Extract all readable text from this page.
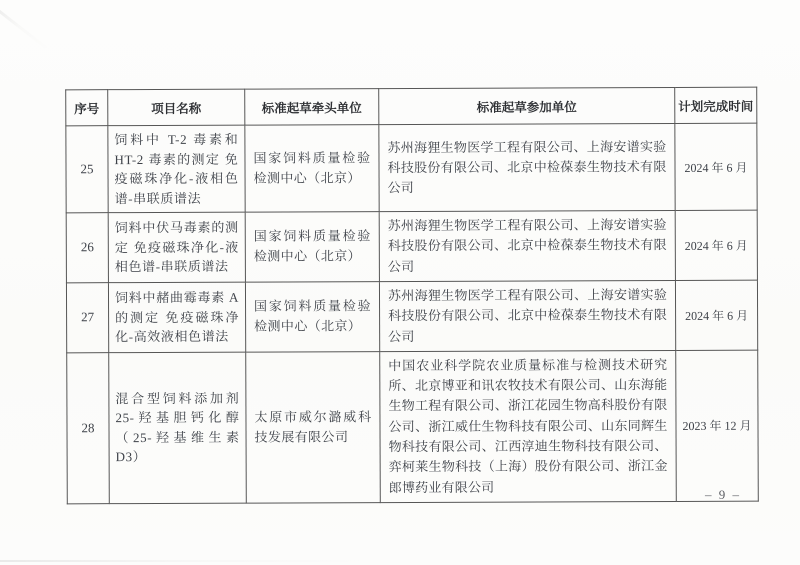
序号	项目名称	标准起草牵头单位	标准起草参加单位	计划完成时间
25	饲料中 T-2 毒素和 HT-2 毒素的测定 免疫磁珠净化-液相色谱-串联质谱法	国家饲料质量检验检测中心（北京）	苏州海狸生物医学工程有限公司、上海安谱实验科技股份有限公司、北京中检葆泰生物技术有限公司	2024 年 6 月
26	饲料中伏马毒素的测定 免疫磁珠净化-液相色谱-串联质谱法	国家饲料质量检验检测中心（北京）	苏州海狸生物医学工程有限公司、上海安谱实验科技股份有限公司、北京中检葆泰生物技术有限公司	2024 年 6 月
27	饲料中赭曲霉毒素 A 的测定 免疫磁珠净化-高效液相色谱法	国家饲料质量检验检测中心（北京）	苏州海狸生物医学工程有限公司、上海安谱实验科技股份有限公司、北京中检葆泰生物技术有限公司	2024 年 6 月
28	混合型饲料添加剂 25-羟基胆钙化醇（25-羟基维生素 D3）	太原市威尔潞威科技发展有限公司	中国农业科学院农业质量标准与检测技术研究所、北京博亚和讯农牧技术有限公司、山东海能生物工程有限公司、浙江花园生物高科股份有限公司、浙江威仕生物科技有限公司、山东同辉生物科技有限公司、江西淳迪生物科技有限公司、弈柯莱生物科技（上海）股份有限公司、浙江金郎博药业有限公司	2023 年 12 月
– 9 –
